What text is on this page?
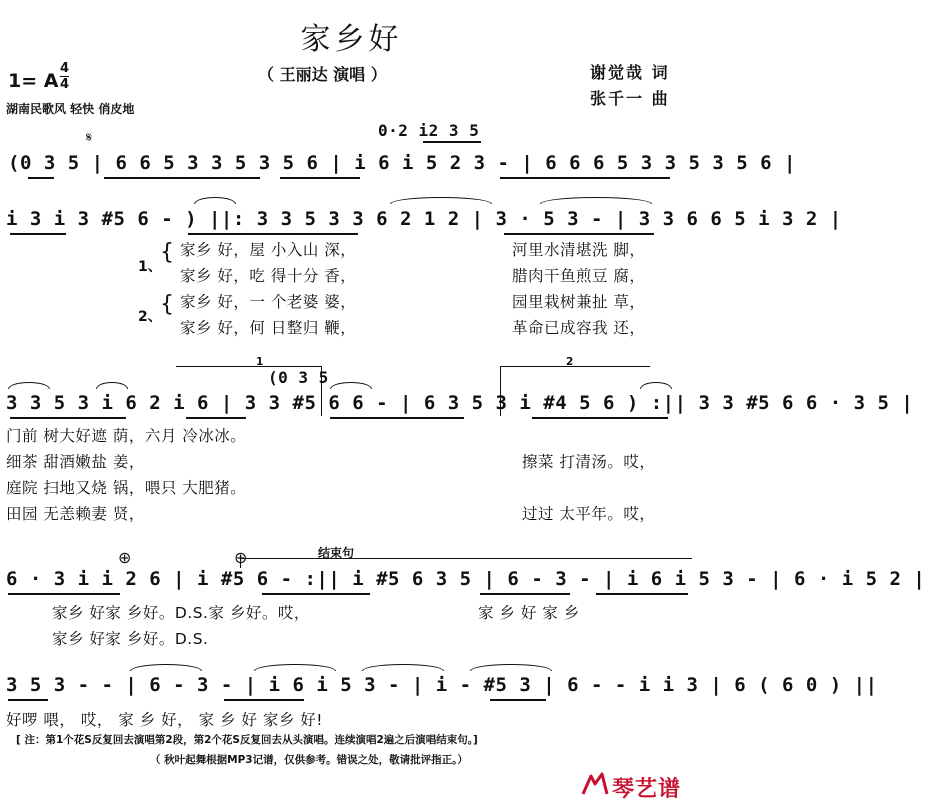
家乡好
（ 王丽达 演唱 ）	谢觉哉 词
张千一 曲
1= A
4
4
湖南民歌风 轻快 俏皮地
𝄋	0·2 i2 3 5
(0 3 5 | 6 6 5 3 3 5 3 5 6 | i 6 i 5 2 3 - | 6 6 6 5 3 3 5 3 5 6 |
i 3 i 3 #5 6 - ) ||: 3 3 5 3 3 6 2 1 2 | 3 · 5 3 - | 3 3 6 6 5 i 3 2 |
1、
{ 家乡 好，屋 小入山 深，	河里水清堪洗 脚，
家乡 好，吃 得十分 香，	腊肉干鱼煎豆 腐，
2、
{ 家乡 好，一 个老婆 婆，	园里栽树兼扯 草，
家乡 好，何 日整归 鞭，	革命已成容我 还，
1	2
(0 3 5
3 3 5 3 i 6 2 i 6 | 3 3 #5 6 6 - | 6 3 5 3 i #4 5 6 ) :|| 3 3 #5 6 6 · 3 5 |
门前 树大好遮 荫，六月 冷冰冰。
细茶 甜酒嫩盐 姜，	擦菜 打清汤。哎，
庭院 扫地又烧 锅，喂只 大肥猪。
田园 无恙赖妻 贤，	过过 太平年。哎，
结束句
⊕	⊕
6 · 3 i i 2 6 | i #5 6 - :|| i #5 6 3 5 | 6 - 3 - | i 6 i 5 3 - | 6 · i 5 2 |
家乡 好家 乡好。D.S.家 乡好。哎，	家 乡 好 家 乡
家乡 好家 乡好。D.S.
3 5 3 - - | 6 - 3 - | i 6 i 5 3 - | i - #5 3 | 6 - - i i 3 | 6 ( 6 0 ) ||
好啰 喂， 哎， 家 乡 好， 家 乡 好 家乡 好!
[ 注：第1个花S反复回去演唱第2段，第2个花S反复回去从头演唱。连续演唱2遍之后演唱结束句。]
（ 秋叶起舞根据MP3记谱，仅供参考。错误之处，敬请批评指正。）
琴艺谱
